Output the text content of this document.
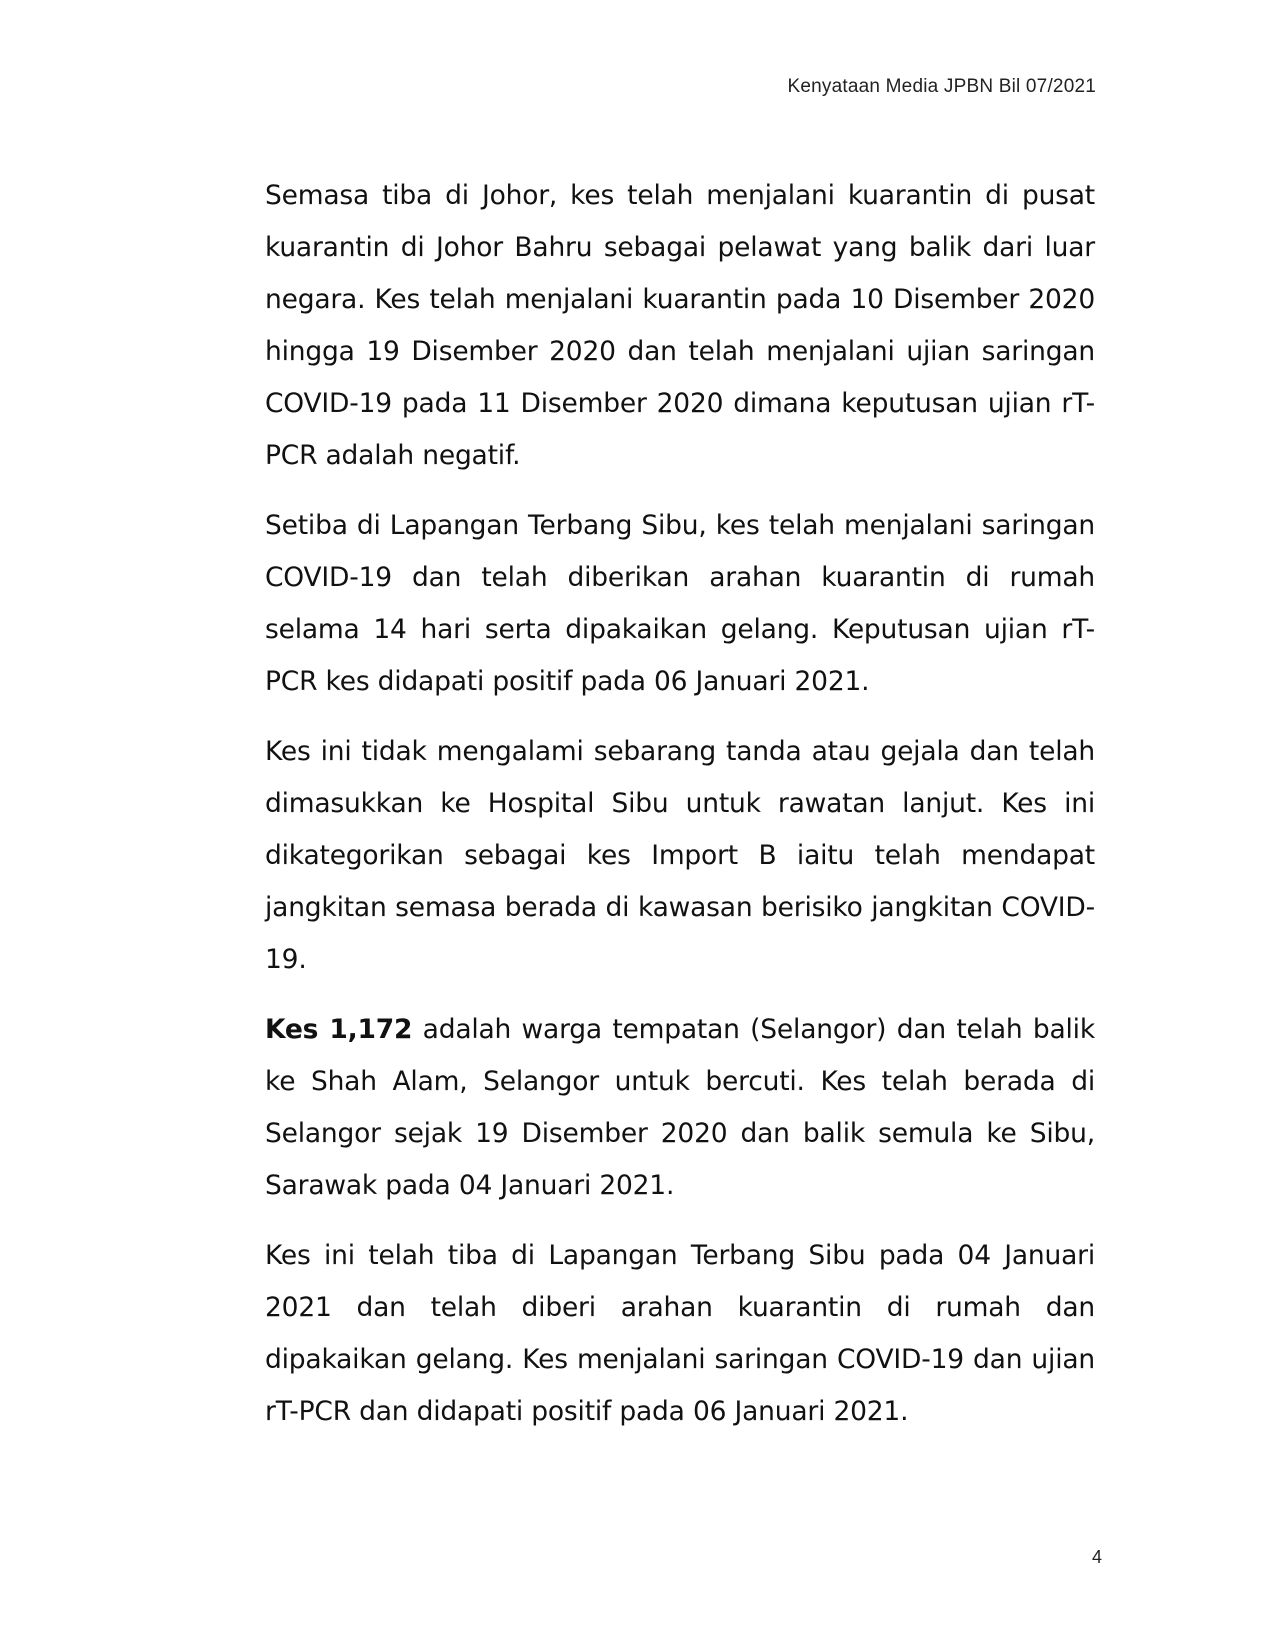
Kenyataan Media JPBN Bil 07/2021

Semasa tiba di Johor, kes telah menjalani kuarantin di pusat kuarantin di Johor Bahru sebagai pelawat yang balik dari luar negara. Kes telah menjalani kuarantin pada 10 Disember 2020 hingga 19 Disember 2020 dan telah menjalani ujian saringan COVID-19 pada 11 Disember 2020 dimana keputusan ujian rT-PCR adalah negatif.

Setiba di Lapangan Terbang Sibu, kes telah menjalani saringan COVID-19 dan telah diberikan arahan kuarantin di rumah selama 14 hari serta dipakaikan gelang. Keputusan ujian rT-PCR kes didapati positif pada 06 Januari 2021.

Kes ini tidak mengalami sebarang tanda atau gejala dan telah dimasukkan ke Hospital Sibu untuk rawatan lanjut. Kes ini dikategorikan sebagai kes Import B iaitu telah mendapat jangkitan semasa berada di kawasan berisiko jangkitan COVID-19.

Kes 1,172 adalah warga tempatan (Selangor) dan telah balik ke Shah Alam, Selangor untuk bercuti. Kes telah berada di Selangor sejak 19 Disember 2020 dan balik semula ke Sibu, Sarawak pada 04 Januari 2021.

Kes ini telah tiba di Lapangan Terbang Sibu pada 04 Januari 2021 dan telah diberi arahan kuarantin di rumah dan dipakaikan gelang. Kes menjalani saringan COVID-19 dan ujian rT-PCR dan didapati positif pada 06 Januari 2021.

4
